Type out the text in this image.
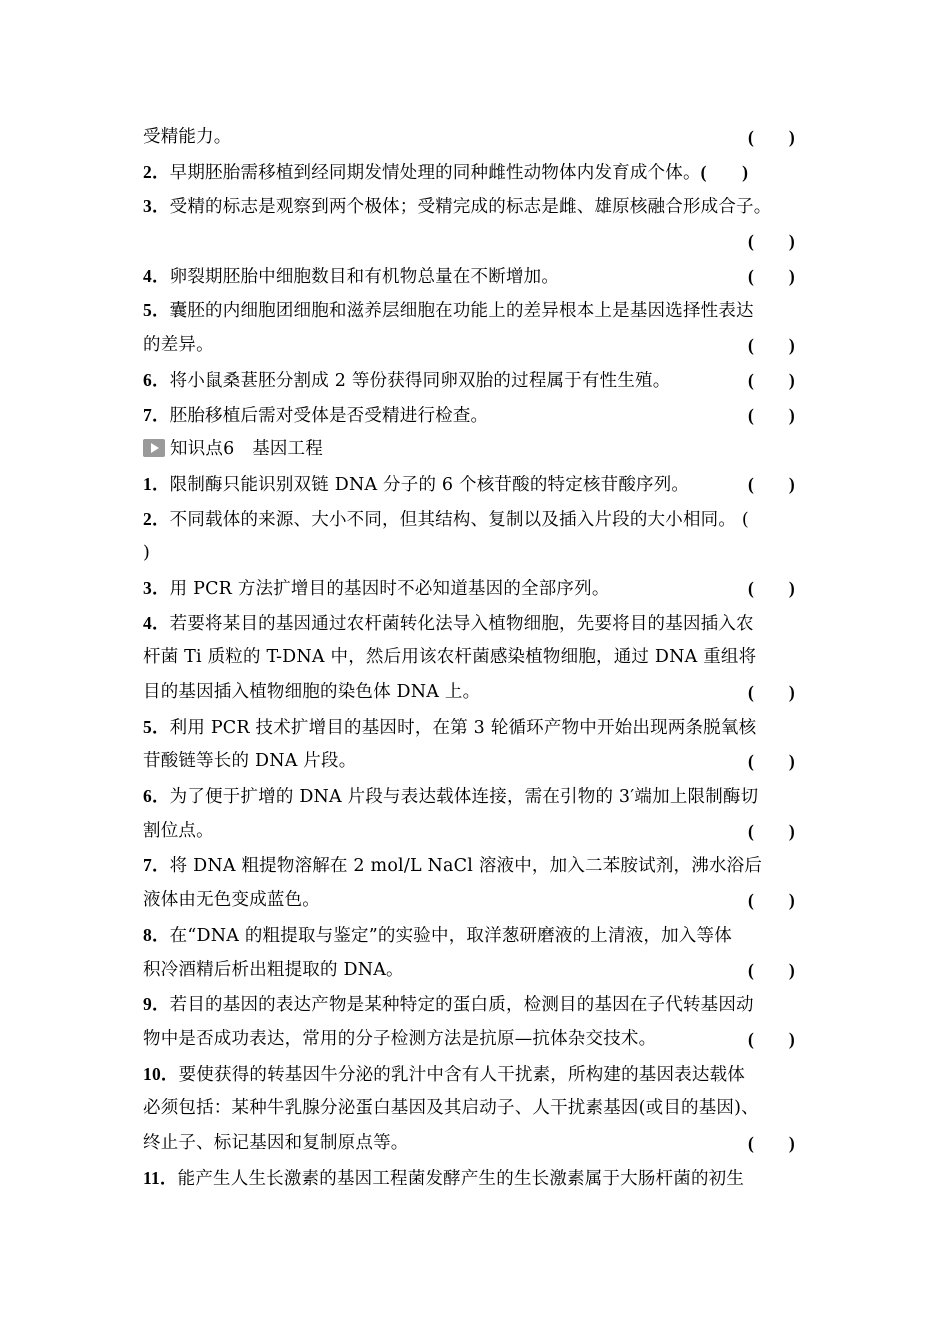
受精能力。	(　　)
2．早期胚胎需移植到经同期发情处理的同种雌性动物体内发育成个体。(　　)
3．受精的标志是观察到两个极体；受精完成的标志是雌、雄原核融合形成合子。
(　　)
4．卵裂期胚胎中细胞数目和有机物总量在不断增加。	(　　)
5．囊胚的内细胞团细胞和滋养层细胞在功能上的差异根本上是基因选择性表达
的差异。	(　　)
6．将小鼠桑葚胚分割成 2 等份获得同卵双胎的过程属于有性生殖。	(　　)
7．胚胎移植后需对受体是否受精进行检查。	(　　)
知识点6　基因工程
1．限制酶只能识别双链 DNA 分子的 6 个核苷酸的特定核苷酸序列。	(　　)
2．不同载体的来源、大小不同，但其结构、复制以及插入片段的大小相同。 (
)
3．用 PCR 方法扩增目的基因时不必知道基因的全部序列。	(　　)
4．若要将某目的基因通过农杆菌转化法导入植物细胞，先要将目的基因插入农
杆菌 Ti 质粒的 T-DNA 中，然后用该农杆菌感染植物细胞，通过 DNA 重组将
目的基因插入植物细胞的染色体 DNA 上。	(　　)
5．利用 PCR 技术扩增目的基因时，在第 3 轮循环产物中开始出现两条脱氧核
苷酸链等长的 DNA 片段。	(　　)
6．为了便于扩增的 DNA 片段与表达载体连接，需在引物的 3′端加上限制酶切
割位点。	(　　)
7．将 DNA 粗提物溶解在 2 mol/L NaCl 溶液中，加入二苯胺试剂，沸水浴后
液体由无色变成蓝色。	(　　)
8．在“DNA 的粗提取与鉴定”的实验中，取洋葱研磨液的上清液，加入等体
积冷酒精后析出粗提取的 DNA。	(　　)
9．若目的基因的表达产物是某种特定的蛋白质，检测目的基因在子代转基因动
物中是否成功表达，常用的分子检测方法是抗原—抗体杂交技术。	(　　)
10．要使获得的转基因牛分泌的乳汁中含有人干扰素，所构建的基因表达载体
必须包括：某种牛乳腺分泌蛋白基因及其启动子、人干扰素基因(或目的基因)、
终止子、标记基因和复制原点等。	(　　)
11．能产生人生长激素的基因工程菌发酵产生的生长激素属于大肠杆菌的初生
